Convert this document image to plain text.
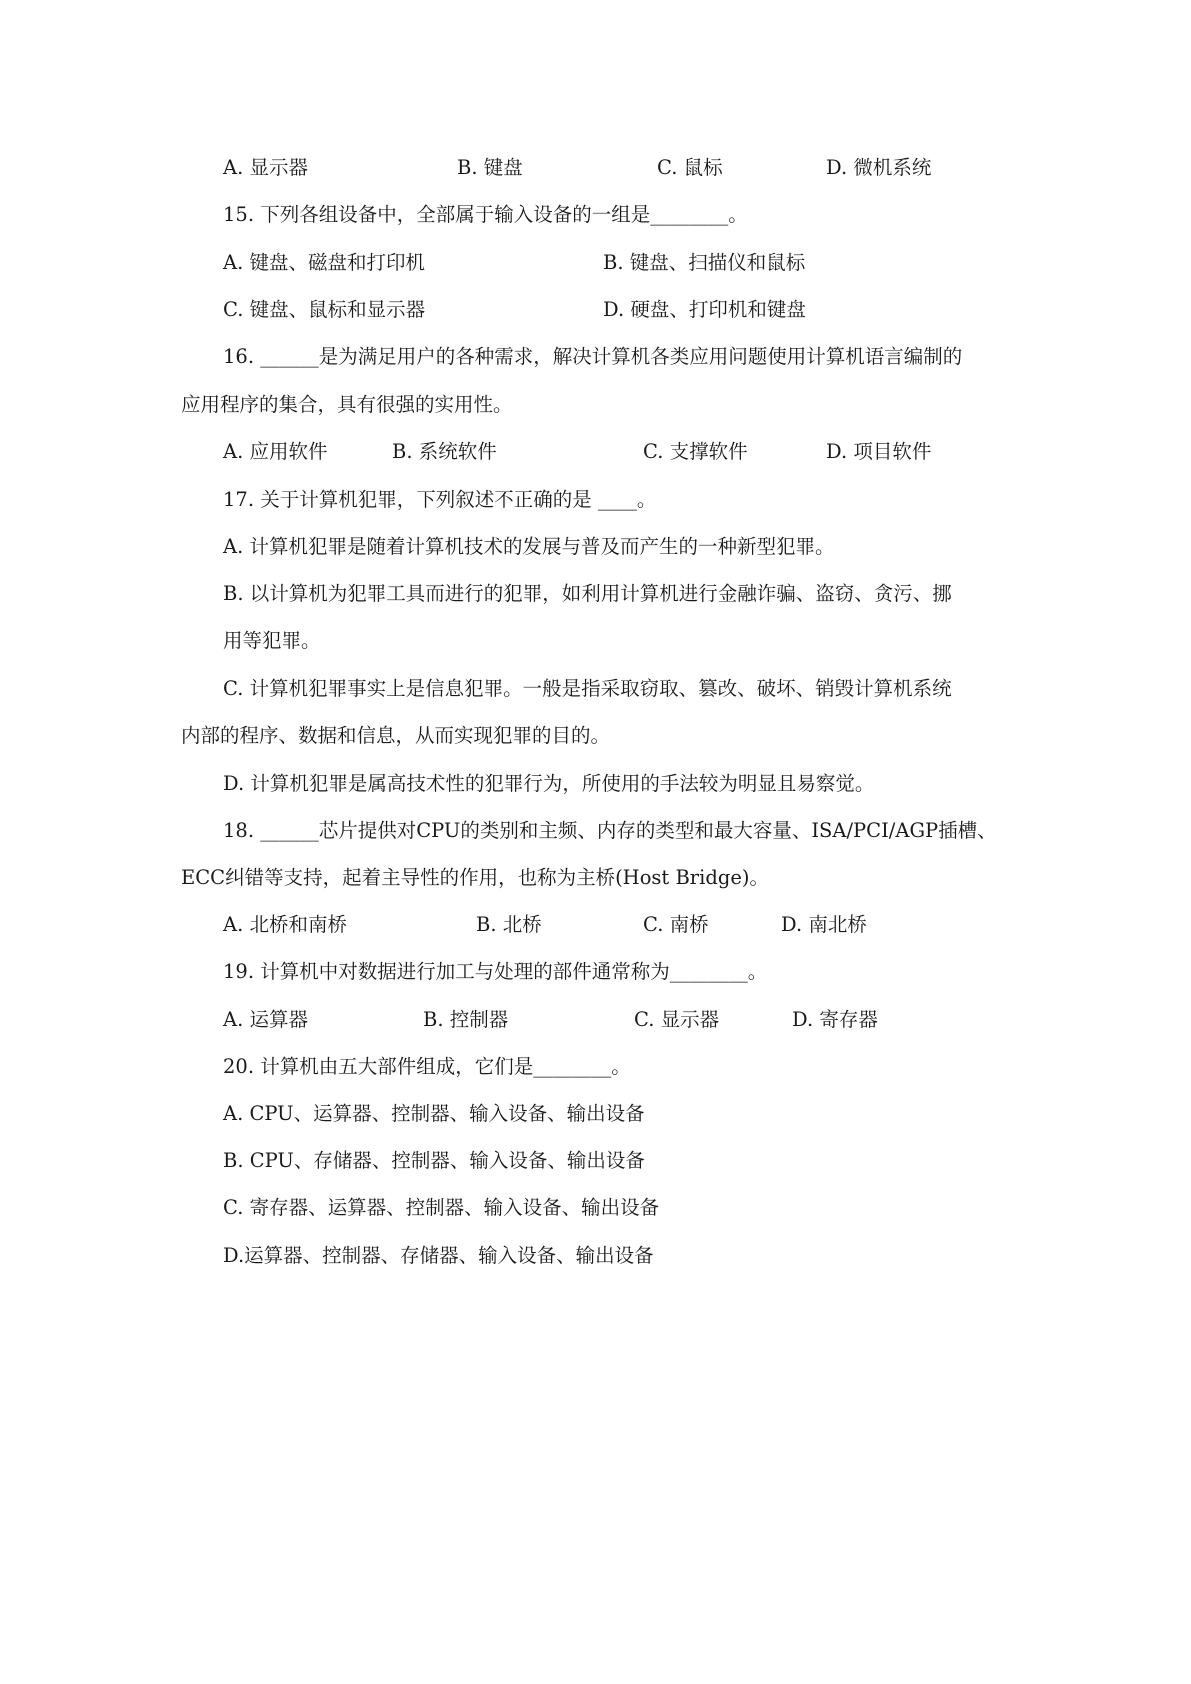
A. 显示器	B. 键盘	C. 鼠标	D. 微机系统
15. 下列各组设备中，全部属于输入设备的一组是________。
A. 键盘、磁盘和打印机	B. 键盘、扫描仪和鼠标
C. 键盘、鼠标和显示器	D. 硬盘、打印机和键盘
16. ______是为满足用户的各种需求，解决计算机各类应用问题使用计算机语言编制的
应用程序的集合，具有很强的实用性。
A. 应用软件	B. 系统软件	C. 支撑软件	D. 项目软件
17. 关于计算机犯罪，下列叙述不正确的是 ____。
A. 计算机犯罪是随着计算机技术的发展与普及而产生的一种新型犯罪。
B. 以计算机为犯罪工具而进行的犯罪，如利用计算机进行金融诈骗、盗窃、贪污、挪
用等犯罪。
C. 计算机犯罪事实上是信息犯罪。一般是指采取窃取、篡改、破坏、销毁计算机系统
内部的程序、数据和信息，从而实现犯罪的目的。
D. 计算机犯罪是属高技术性的犯罪行为，所使用的手法较为明显且易察觉。
18. ______芯片提供对CPU的类别和主频、内存的类型和最大容量、ISA/PCI/AGP插槽、
ECC纠错等支持，起着主导性的作用，也称为主桥(Host Bridge)。
A. 北桥和南桥	B. 北桥	C. 南桥	D. 南北桥
19. 计算机中对数据进行加工与处理的部件通常称为________。
A. 运算器	B. 控制器	C. 显示器	D. 寄存器
20. 计算机由五大部件组成，它们是________。
A. CPU、运算器、控制器、输入设备、输出设备
B. CPU、存储器、控制器、输入设备、输出设备
C. 寄存器、运算器、控制器、输入设备、输出设备
D.运算器、控制器、存储器、输入设备、输出设备
